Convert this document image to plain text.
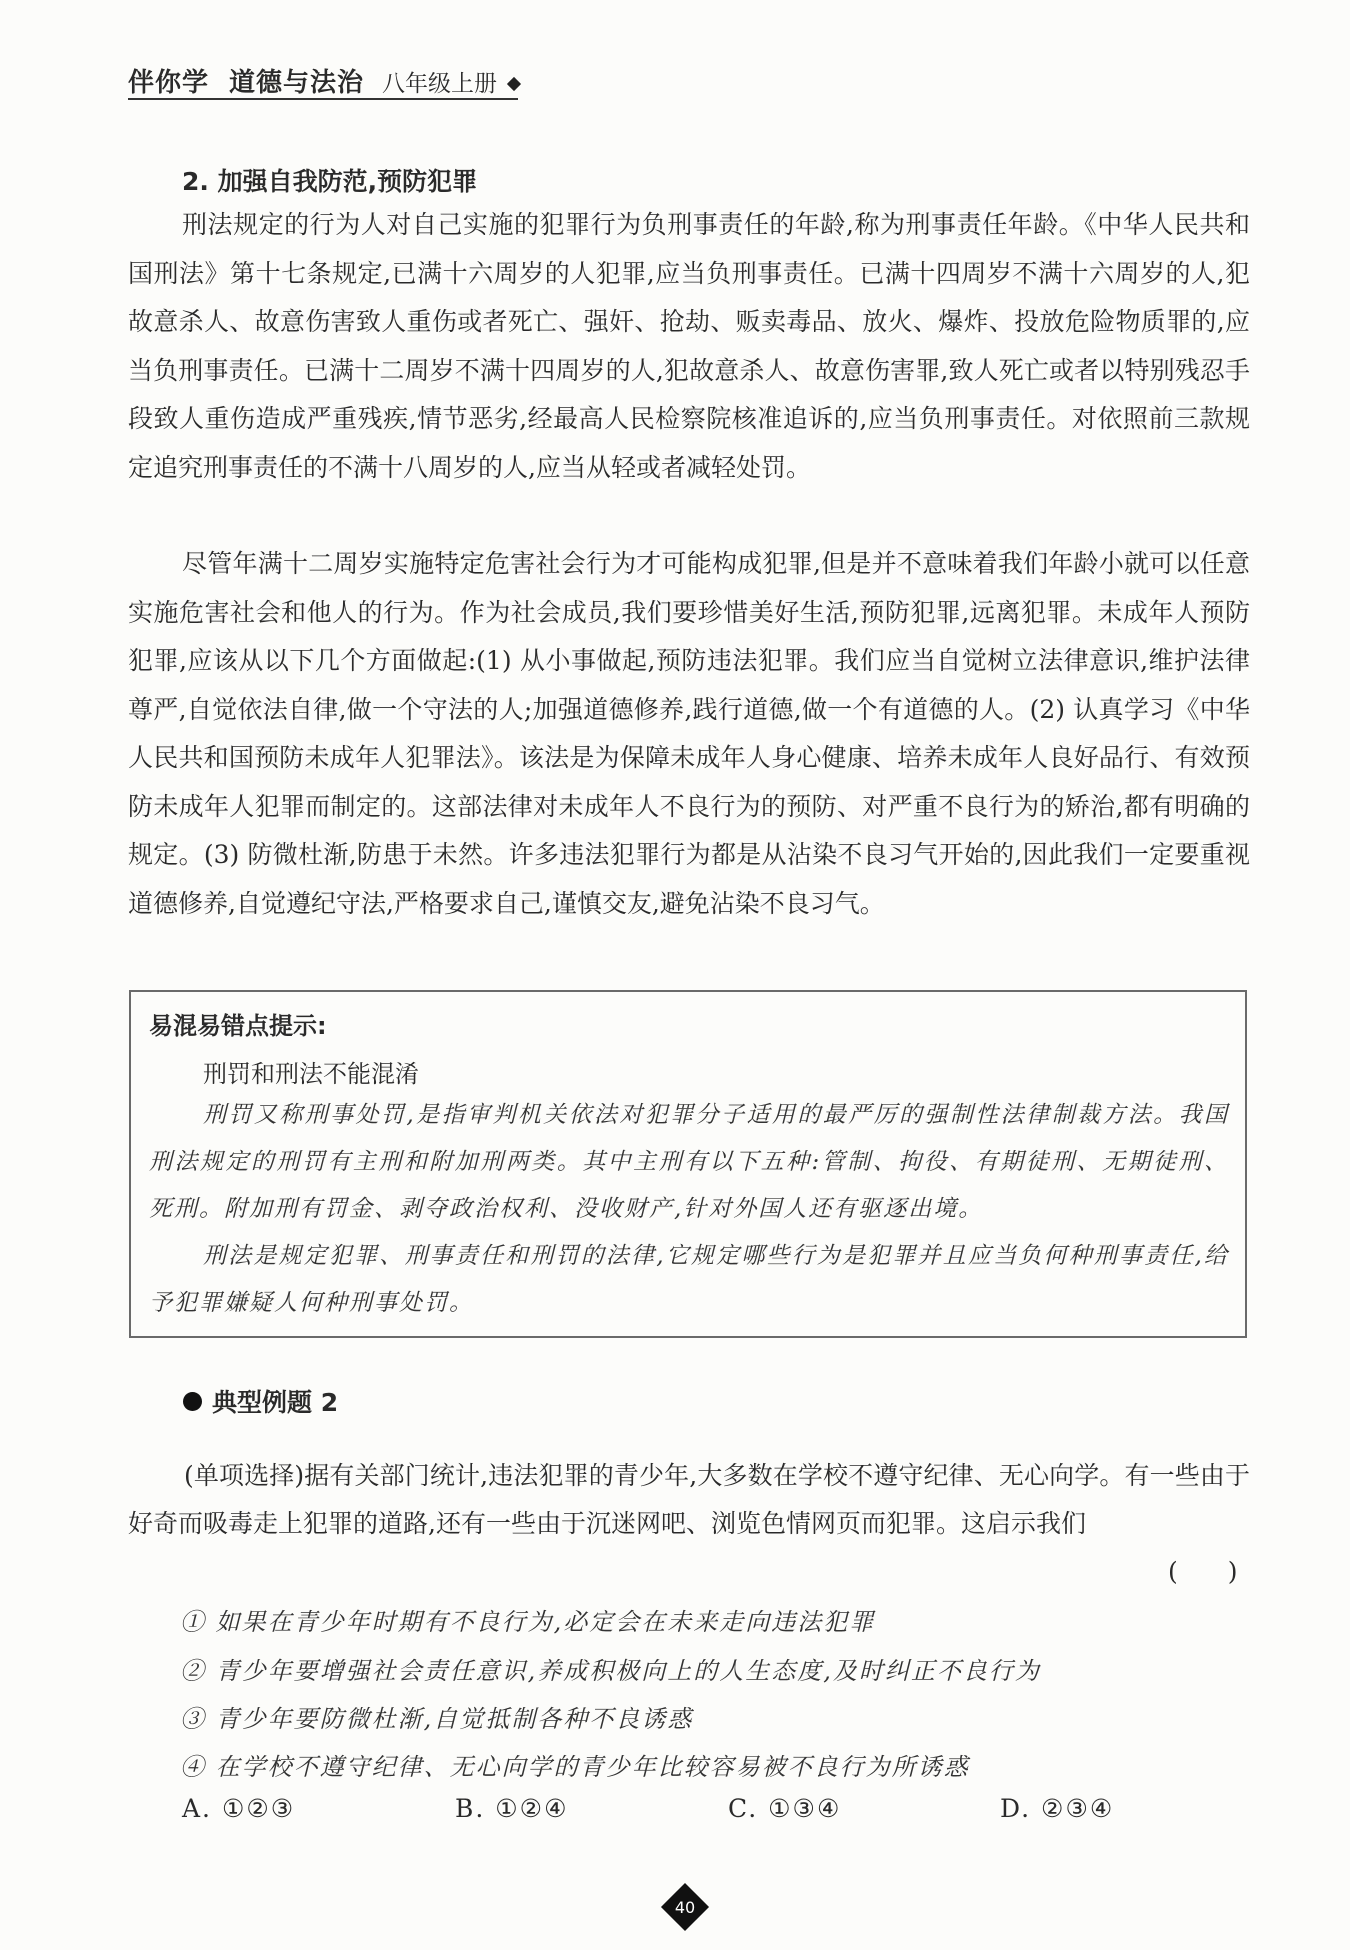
伴你学 道德与法治 八年级上册
2. 加强自我防范,预防犯罪

刑法规定的行为人对自己实施的犯罪行为负刑事责任的年龄,称为刑事责任年龄。《中华人民共和国刑法》第十七条规定,已满十六周岁的人犯罪,应当负刑事责任。已满十四周岁不满十六周岁的人,犯故意杀人、故意伤害致人重伤或者死亡、强奸、抢劫、贩卖毒品、放火、爆炸、投放危险物质罪的,应当负刑事责任。已满十二周岁不满十四周岁的人,犯故意杀人、故意伤害罪,致人死亡或者以特别残忍手段致人重伤造成严重残疾,情节恶劣,经最高人民检察院核准追诉的,应当负刑事责任。对依照前三款规定追究刑事责任的不满十八周岁的人,应当从轻或者减轻处罚。

尽管年满十二周岁实施特定危害社会行为才可能构成犯罪,但是并不意味着我们年龄小就可以任意实施危害社会和他人的行为。作为社会成员,我们要珍惜美好生活,预防犯罪,远离犯罪。未成年人预防犯罪,应该从以下几个方面做起:(1) 从小事做起,预防违法犯罪。我们应当自觉树立法律意识,维护法律尊严,自觉依法自律,做一个守法的人;加强道德修养,践行道德,做一个有道德的人。(2) 认真学习《中华人民共和国预防未成年人犯罪法》。该法是为保障未成年人身心健康、培养未成年人良好品行、有效预防未成年人犯罪而制定的。这部法律对未成年人不良行为的预防、对严重不良行为的矫治,都有明确的规定。(3) 防微杜渐,防患于未然。许多违法犯罪行为都是从沾染不良习气开始的,因此我们一定要重视道德修养,自觉遵纪守法,严格要求自己,谨慎交友,避免沾染不良习气。

易混易错点提示:
刑罚和刑法不能混淆

刑罚又称刑事处罚,是指审判机关依法对犯罪分子适用的最严厉的强制性法律制裁方法。我国刑法规定的刑罚有主刑和附加刑两类。其中主刑有以下五种:管制、拘役、有期徒刑、无期徒刑、死刑。附加刑有罚金、剥夺政治权利、没收财产,针对外国人还有驱逐出境。

刑法是规定犯罪、刑事责任和刑罚的法律,它规定哪些行为是犯罪并且应当负何种刑事责任,给予犯罪嫌疑人何种刑事处罚。

典型例题 2

(单项选择)据有关部门统计,违法犯罪的青少年,大多数在学校不遵守纪律、无心向学。有一些由于好奇而吸毒走上犯罪的道路,还有一些由于沉迷网吧、浏览色情网页而犯罪。这启示我们

(　　)
① 如果在青少年时期有不良行为,必定会在未来走向违法犯罪
② 青少年要增强社会责任意识,养成积极向上的人生态度,及时纠正不良行为
③ 青少年要防微杜渐,自觉抵制各种不良诱惑
④ 在学校不遵守纪律、无心向学的青少年比较容易被不良行为所诱惑
A. ①②③	B. ①②④	C. ①③④	D. ②③④
40
